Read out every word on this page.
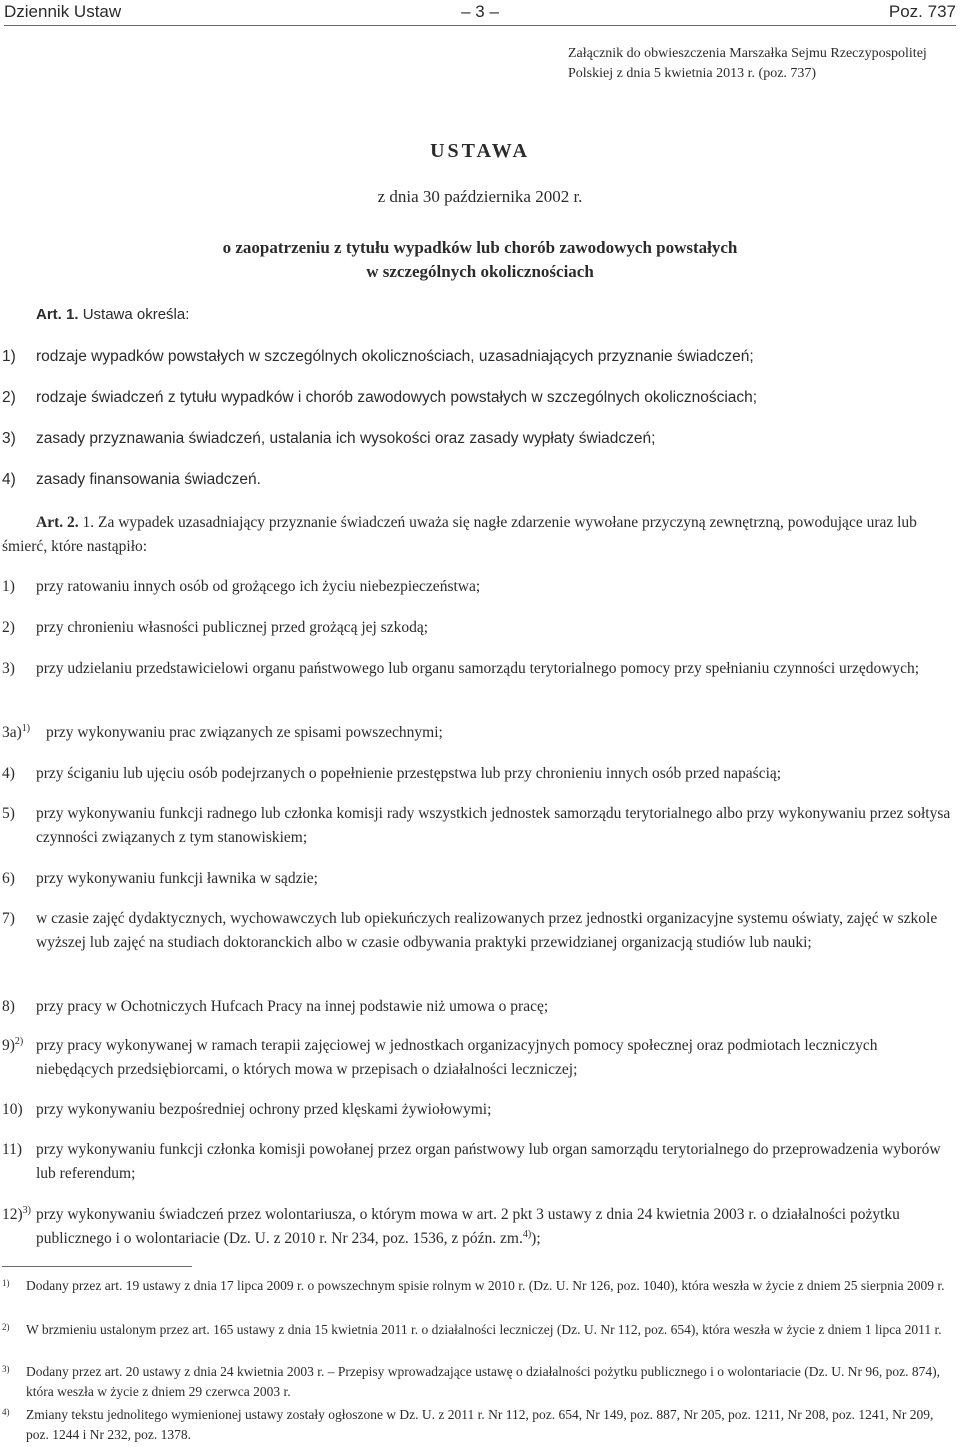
Dziennik Ustaw	– 3 –	Poz. 737
Załącznik do obwieszczenia Marszałka Sejmu Rzeczypospolitej Polskiej z dnia 5 kwietnia 2013 r. (poz. 737)
USTAWA
z dnia 30 października 2002 r.
o zaopatrzeniu z tytułu wypadków lub chorób zawodowych powstałych
w szczególnych okolicznościach
Art. 1. Ustawa określa:
1) rodzaje wypadków powstałych w szczególnych okolicznościach, uzasadniających przyznanie świadczeń;
2) rodzaje świadczeń z tytułu wypadków i chorób zawodowych powstałych w szczególnych okolicznościach;
3) zasady przyznawania świadczeń, ustalania ich wysokości oraz zasady wypłaty świadczeń;
4) zasady finansowania świadczeń.
Art. 2. 1. Za wypadek uzasadniający przyznanie świadczeń uważa się nagłe zdarzenie wywołane przyczyną zewnętrzną, powodujące uraz lub śmierć, które nastąpiło:
1) przy ratowaniu innych osób od grożącego ich życiu niebezpieczeństwa;
2) przy chronieniu własności publicznej przed grożącą jej szkodą;
3) przy udzielaniu przedstawicielowi organu państwowego lub organu samorządu terytorialnego pomocy przy spełnianiu czynności urzędowych;
3a)$^{1)}$ przy wykonywaniu prac związanych ze spisami powszechnymi;
4) przy ściganiu lub ujęciu osób podejrzanych o popełnienie przestępstwa lub przy chronieniu innych osób przed napaścią;
5) przy wykonywaniu funkcji radnego lub członka komisji rady wszystkich jednostek samorządu terytorialnego albo przy wykonywaniu przez sołtysa czynności związanych z tym stanowiskiem;
6) przy wykonywaniu funkcji ławnika w sądzie;
7) w czasie zajęć dydaktycznych, wychowawczych lub opiekuńczych realizowanych przez jednostki organizacyjne systemu oświaty, zajęć w szkole wyższej lub zajęć na studiach doktoranckich albo w czasie odbywania praktyki przewidzianej organizacją studiów lub nauki;
8) przy pracy w Ochotniczych Hufcach Pracy na innej podstawie niż umowa o pracę;
9)$^{2)}$ przy pracy wykonywanej w ramach terapii zajęciowej w jednostkach organizacyjnych pomocy społecznej oraz podmiotach leczniczych niebędących przedsiębiorcami, o których mowa w przepisach o działalności leczniczej;
10) przy wykonywaniu bezpośredniej ochrony przed klęskami żywiołowymi;
11) przy wykonywaniu funkcji członka komisji powołanej przez organ państwowy lub organ samorządu terytorialnego do przeprowadzenia wyborów lub referendum;
12)$^{3)}$ przy wykonywaniu świadczeń przez wolontariusza, o którym mowa w art. 2 pkt 3 ustawy z dnia 24 kwietnia 2003 r. o działalności pożytku publicznego i o wolontariacie (Dz. U. z 2010 r. Nr 234, poz. 1536, z późn. zm.$^{4)}$);
1) Dodany przez art. 19 ustawy z dnia 17 lipca 2009 r. o powszechnym spisie rolnym w 2010 r. (Dz. U. Nr 126, poz. 1040), która weszła w życie z dniem 25 sierpnia 2009 r.
2) W brzmieniu ustalonym przez art. 165 ustawy z dnia 15 kwietnia 2011 r. o działalności leczniczej (Dz. U. Nr 112, poz. 654), która weszła w życie z dniem 1 lipca 2011 r.
3) Dodany przez art. 20 ustawy z dnia 24 kwietnia 2003 r. – Przepisy wprowadzające ustawę o działalności pożytku publicznego i o wolontariacie (Dz. U. Nr 96, poz. 874), która weszła w życie z dniem 29 czerwca 2003 r.
4) Zmiany tekstu jednolitego wymienionej ustawy zostały ogłoszone w Dz. U. z 2011 r. Nr 112, poz. 654, Nr 149, poz. 887, Nr 205, poz. 1211, Nr 208, poz. 1241, Nr 209, poz. 1244 i Nr 232, poz. 1378.
